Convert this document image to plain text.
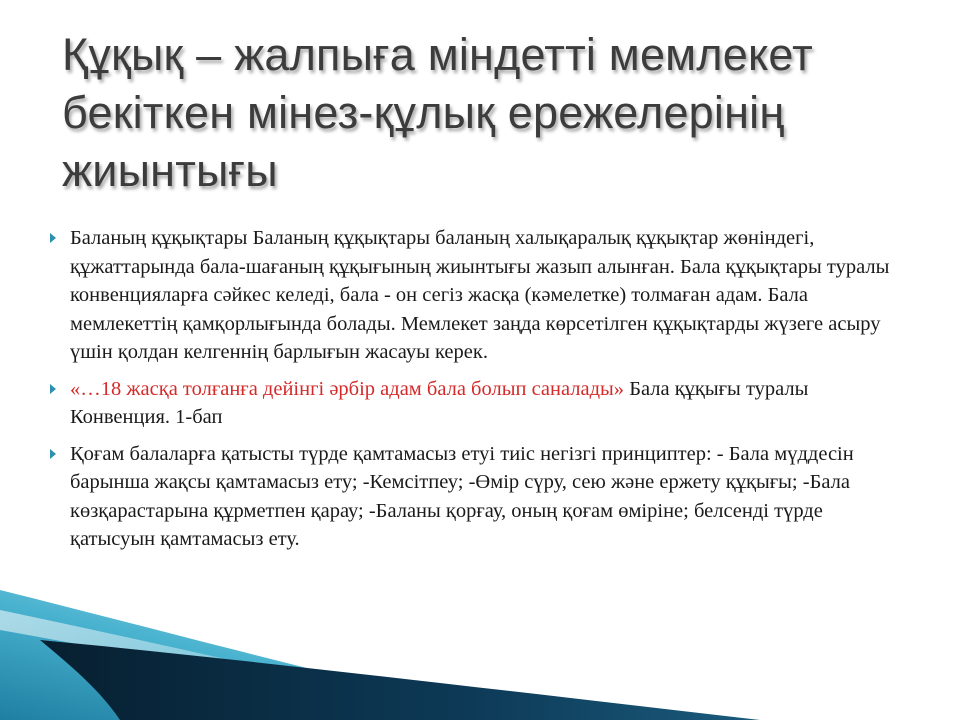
Құқық – жалпыға міндетті мемлекет
бекіткен мінез-құлық ережелерінің
жиынтығы
Баланың құқықтары Баланың құқықтары баланың халықаралық құқықтар жөніндегі, құжаттарында бала-шағаның құқығының жиынтығы жазып алынған. Бала құқықтары туралы конвенцияларға сәйкес келеді, бала - он сегіз жасқа (кәмелетке) толмаған адам. Бала мемлекеттің қамқорлығында болады. Мемлекет заңда көрсетілген құқықтарды жүзеге асыру үшін қолдан келгеннің барлығын жасауы керек.
«…18 жасқа толғанға дейінгі әрбір адам бала болып саналады» Бала құқығы туралы Конвенция. 1-бап
Қоғам балаларға қатысты түрде қамтамасыз етуі тиіс негізгі принциптер: - Бала мүддесін барынша жақсы қамтамасыз ету; -Кемсітпеу; -Өмір сүру, сею және ержету құқығы; -Бала көзқарастарына құрметпен қарау; -Баланы қорғау, оның қоғам өміріне; белсенді түрде қатысуын қамтамасыз ету.
